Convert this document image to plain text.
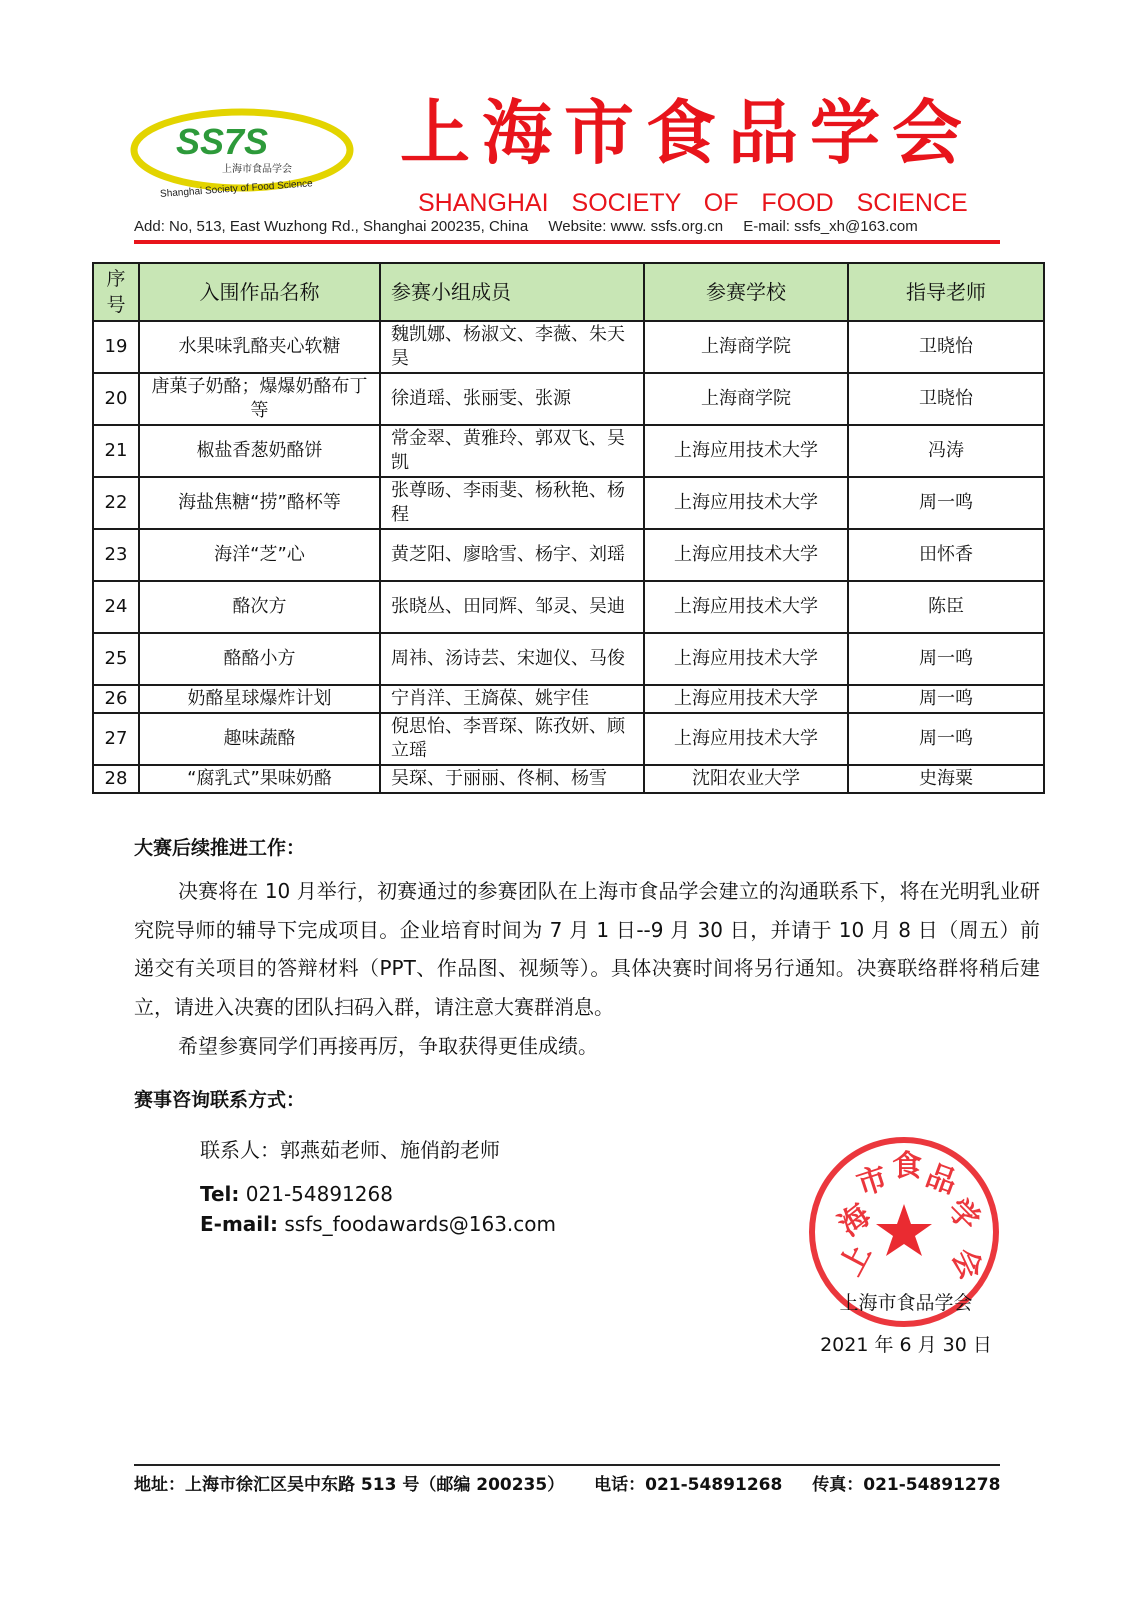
SS7S
上海市食品学会
Shanghai Society of Food Science
上海市食品学会
SHANGHAI SOCIETY OF FOOD SCIENCE
Add: No, 513, East Wuzhong Rd., Shanghai 200235, China Website: www. ssfs.org.cn E-mail: ssfs_xh@163.com
序号	入围作品名称	参赛小组成员	参赛学校	指导老师
19	水果味乳酪夹心软糖	魏凯娜、杨淑文、李薇、朱天昊	上海商学院	卫晓怡
20	唐菓子奶酪；爆爆奶酪布丁等	徐逍瑶、张丽雯、张源	上海商学院	卫晓怡
21	椒盐香葱奶酪饼	常金翠、黄雅玲、郭双飞、吴凯	上海应用技术大学	冯涛
22	海盐焦糖“捞”酪杯等	张尊旸、李雨斐、杨秋艳、杨程	上海应用技术大学	周一鸣
23	海洋“芝”心	黄芝阳、廖晗雪、杨宇、刘瑶	上海应用技术大学	田怀香
24	酪次方	张晓丛、田同辉、邹灵、吴迪	上海应用技术大学	陈臣
25	酪酪小方	周祎、汤诗芸、宋迦仪、马俊	上海应用技术大学	周一鸣
26	奶酪星球爆炸计划	宁肖洋、王旖葆、姚宇佳	上海应用技术大学	周一鸣
27	趣味蔬酪	倪思怡、李晋琛、陈孜妍、顾立瑶	上海应用技术大学	周一鸣
28	“腐乳式”果味奶酪	吴琛、于丽丽、佟桐、杨雪	沈阳农业大学	史海粟
大赛后续推进工作：
决赛将在 10 月举行，初赛通过的参赛团队在上海市食品学会建立的沟通联系下，将在光明乳业研究院导师的辅导下完成项目。企业培育时间为 7 月 1 日--9 月 30 日，并请于 10 月 8 日（周五）前递交有关项目的答辩材料（PPT、作品图、视频等）。具体决赛时间将另行通知。决赛联络群将稍后建立，请进入决赛的团队扫码入群，请注意大赛群消息。
希望参赛同学们再接再厉，争取获得更佳成绩。
赛事咨询联系方式：
联系人：郭燕茹老师、施俏韵老师
Tel: 021-54891268
E-mail: ssfs_foodawards@163.com
上
海
市 食 品
学
会
上海市食品学会
2021 年 6 月 30 日
地址：上海市徐汇区吴中东路 513 号（邮编 200235） 电话：021-54891268 传真：021-54891278
